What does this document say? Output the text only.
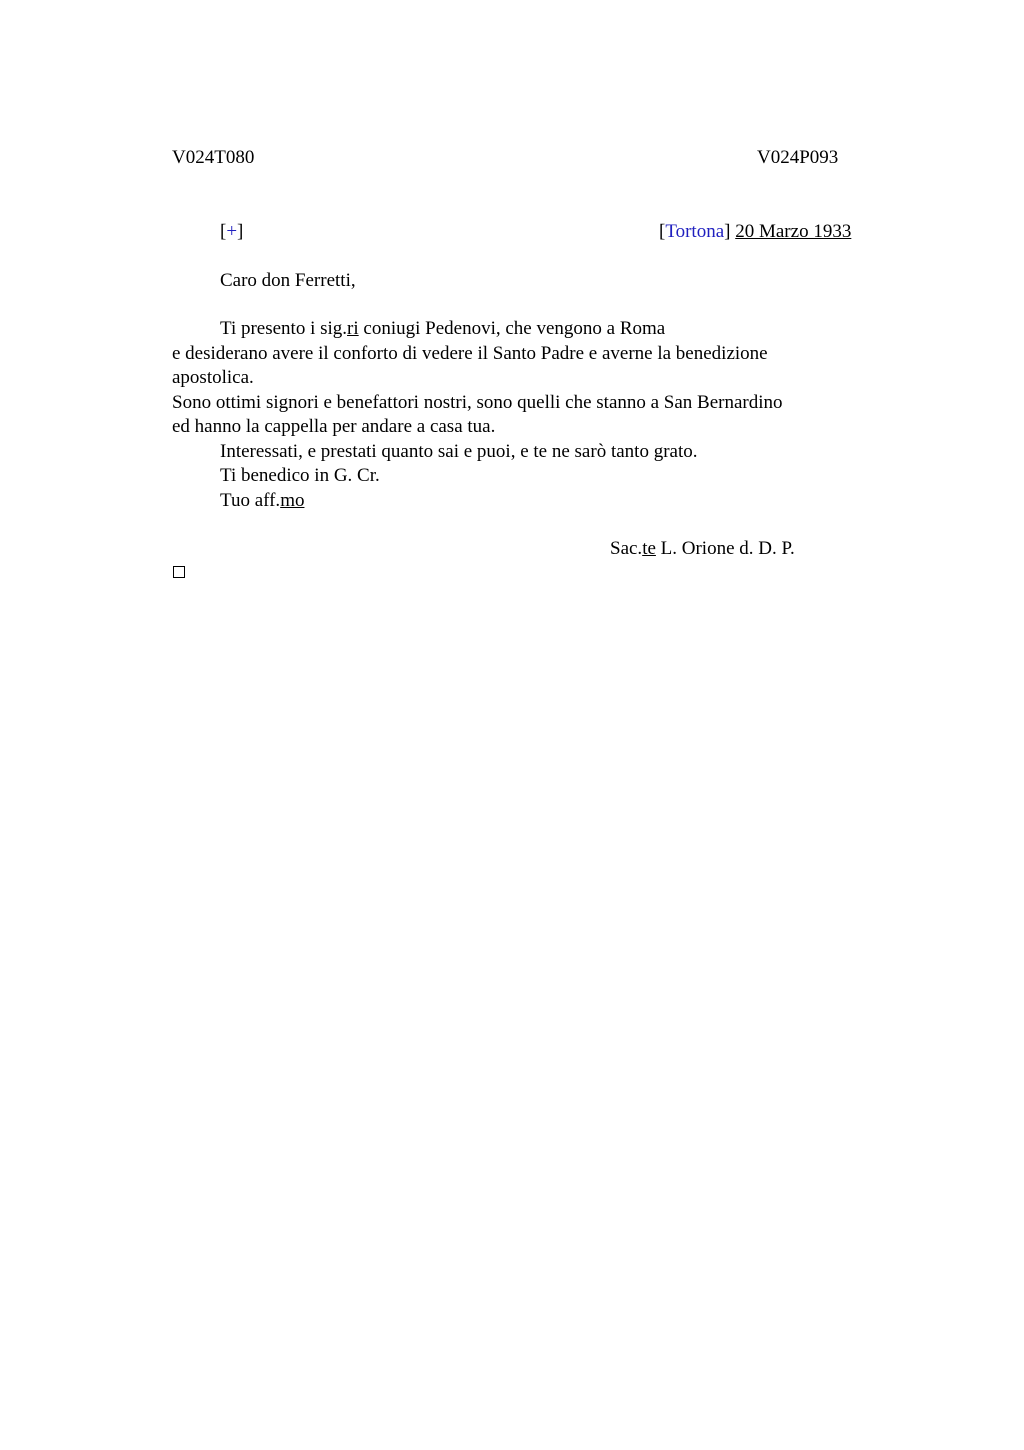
V024T080	V024P093
[+]	[Tortona] 20 Marzo 1933
Caro don Ferretti,
Ti presento i sig.ri coniugi Pedenovi, che vengono a Roma
e desiderano avere il conforto di vedere il Santo Padre e averne la benedizione
apostolica.
Sono ottimi signori e benefattori nostri, sono quelli che stanno a San Bernardino
ed hanno la cappella per andare a casa tua.
Interessati, e prestati quanto sai e puoi, e te ne sarò tanto grato.
Ti benedico in G. Cr.
Tuo aff.mo
Sac.te L. Orione d. D. P.
